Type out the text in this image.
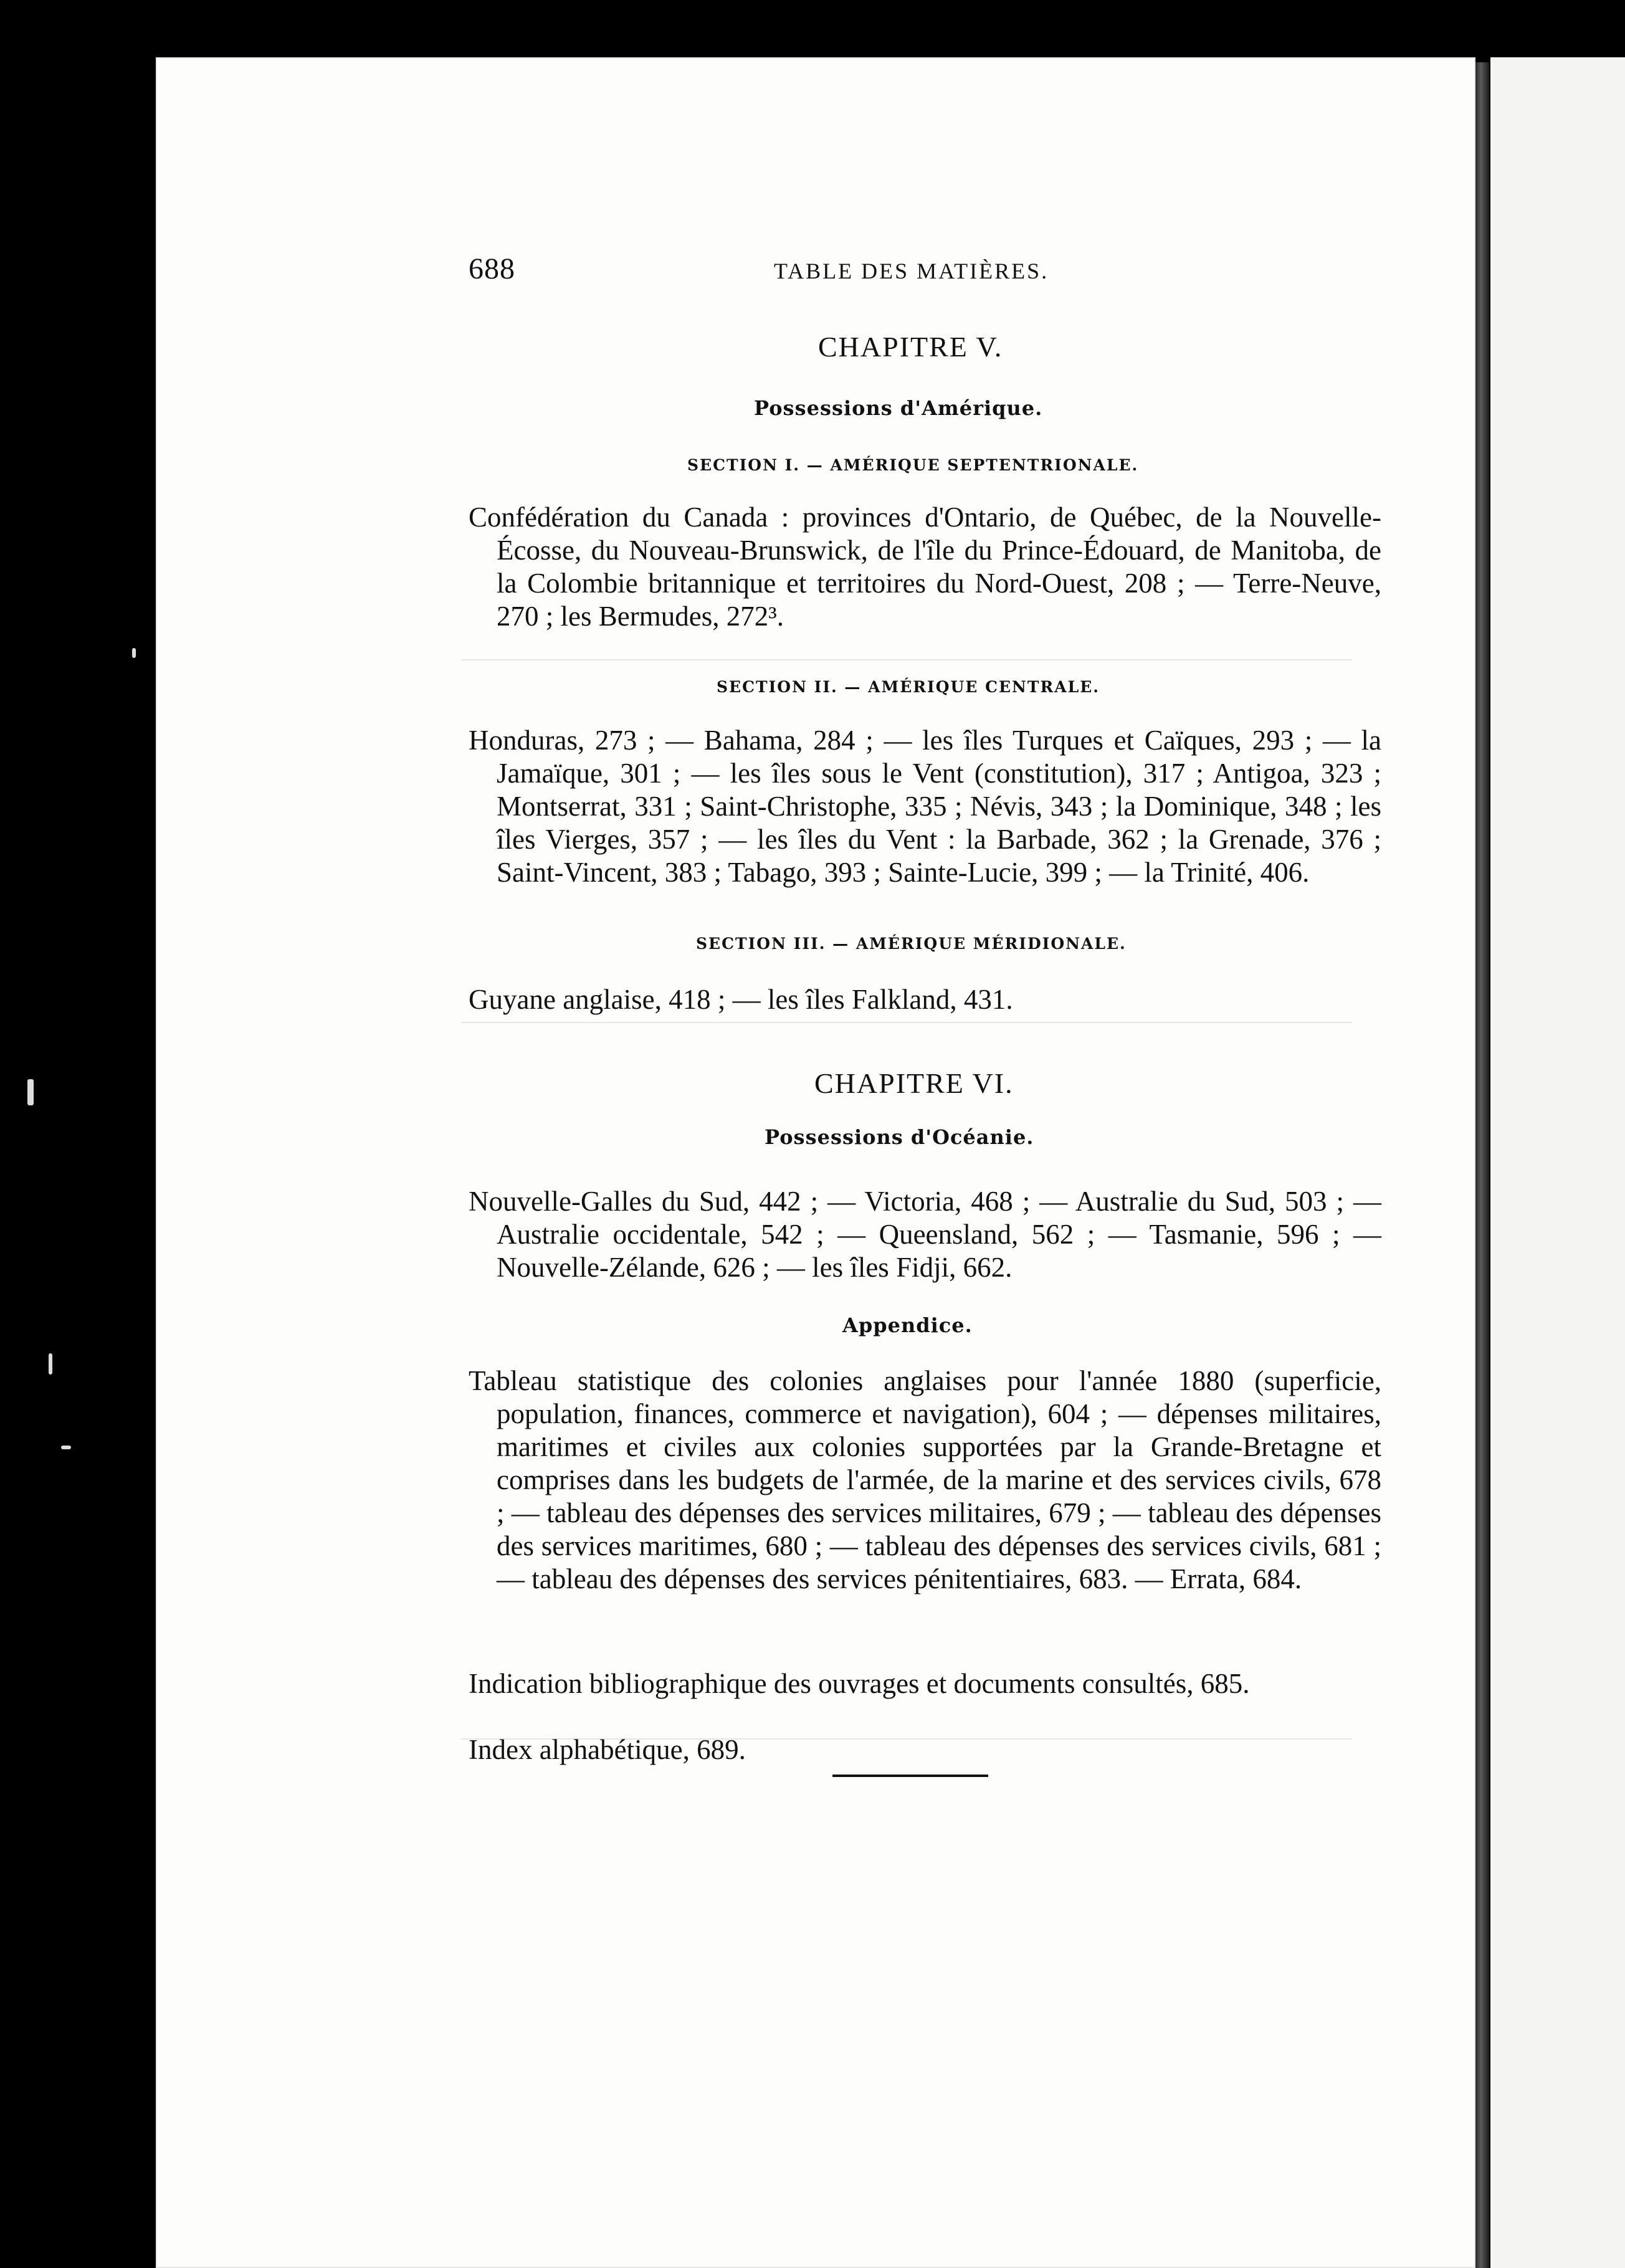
688	TABLE DES MATIÈRES.
CHAPITRE V.
Possessions d'Amérique.
SECTION I. — AMÉRIQUE SEPTENTRIONALE.
Confédération du Canada : provinces d'Ontario, de Québec, de la Nouvelle-Écosse, du Nouveau-Brunswick, de l'île du Prince-Édouard, de Manitoba, de la Colombie britannique et territoires du Nord-Ouest, 208 ; — Terre-Neuve, 270 ; les Bermudes, 272³.
SECTION II. — AMÉRIQUE CENTRALE.
Honduras, 273 ; — Bahama, 284 ; — les îles Turques et Caïques, 293 ; — la Jamaïque, 301 ; — les îles sous le Vent (constitution), 317 ; Antigoa, 323 ; Montserrat, 331 ; Saint-Christophe, 335 ; Névis, 343 ; la Dominique, 348 ; les îles Vierges, 357 ; — les îles du Vent : la Barbade, 362 ; la Grenade, 376 ; Saint-Vincent, 383 ; Tabago, 393 ; Sainte-Lucie, 399 ; — la Trinité, 406.
SECTION III. — AMÉRIQUE MÉRIDIONALE.
Guyane anglaise, 418 ; — les îles Falkland, 431.
CHAPITRE VI.
Possessions d'Océanie.
Nouvelle-Galles du Sud, 442 ; — Victoria, 468 ; — Australie du Sud, 503 ; — Australie occidentale, 542 ; — Queensland, 562 ; — Tasmanie, 596 ; — Nouvelle-Zélande, 626 ; — les îles Fidji, 662.
Appendice.
Tableau statistique des colonies anglaises pour l'année 1880 (superficie, population, finances, commerce et navigation), 604 ; — dépenses militaires, maritimes et civiles aux colonies supportées par la Grande-Bretagne et comprises dans les budgets de l'armée, de la marine et des services civils, 678 ; — tableau des dépenses des services militaires, 679 ; — tableau des dépenses des services maritimes, 680 ; — tableau des dépenses des services civils, 681 ; — tableau des dépenses des services pénitentiaires, 683. — Errata, 684.
Indication bibliographique des ouvrages et documents consultés, 685.
Index alphabétique, 689.
